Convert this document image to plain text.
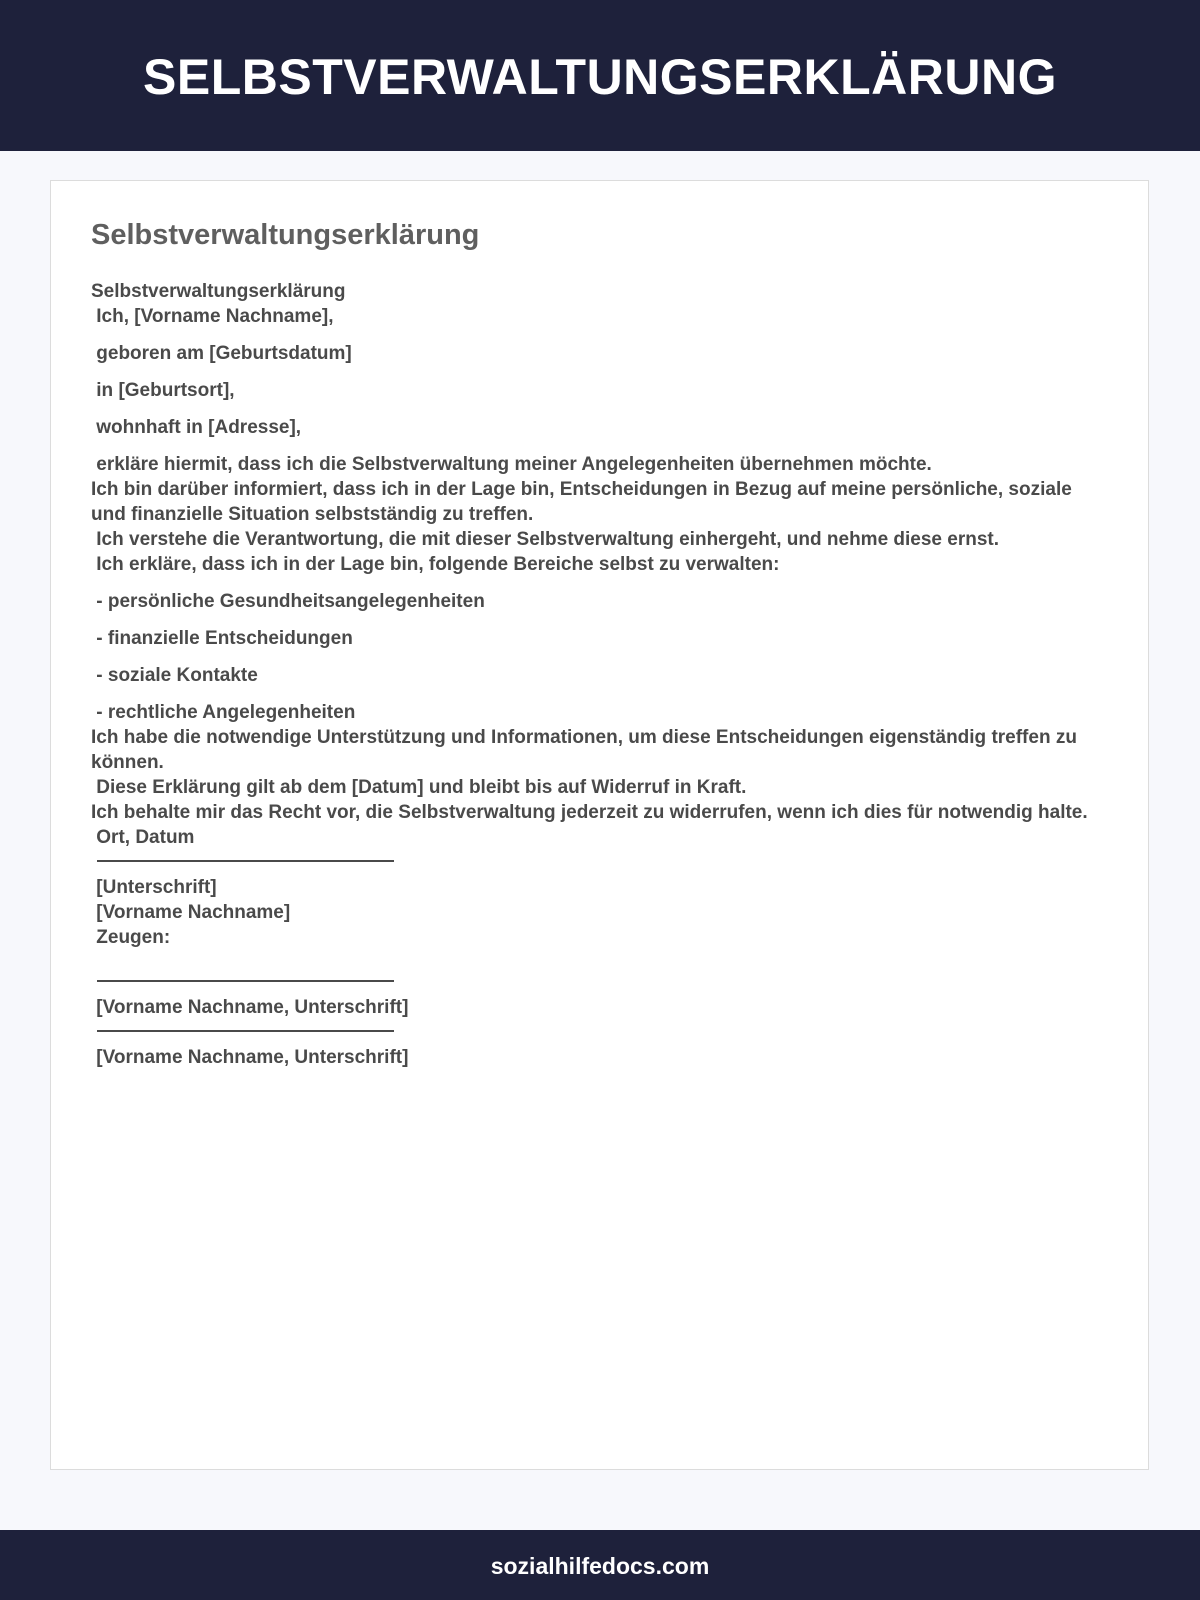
SELBSTVERWALTUNGSERKLÄRUNG
Selbstverwaltungserklärung
Selbstverwaltungserklärung
Ich, [Vorname Nachname],
geboren am [Geburtsdatum]
in [Geburtsort],
wohnhaft in [Adresse],
erkläre hiermit, dass ich die Selbstverwaltung meiner Angelegenheiten übernehmen möchte.
Ich bin darüber informiert, dass ich in der Lage bin, Entscheidungen in Bezug auf meine persönliche, soziale und finanzielle Situation selbstständig zu treffen.
Ich verstehe die Verantwortung, die mit dieser Selbstverwaltung einhergeht, und nehme diese ernst.
Ich erkläre, dass ich in der Lage bin, folgende Bereiche selbst zu verwalten:
- persönliche Gesundheitsangelegenheiten
- finanzielle Entscheidungen
- soziale Kontakte
- rechtliche Angelegenheiten
Ich habe die notwendige Unterstützung und Informationen, um diese Entscheidungen eigenständig treffen zu können.
Diese Erklärung gilt ab dem [Datum] und bleibt bis auf Widerruf in Kraft.
Ich behalte mir das Recht vor, die Selbstverwaltung jederzeit zu widerrufen, wenn ich dies für notwendig halte.
Ort, Datum
[Unterschrift]
[Vorname Nachname]
Zeugen:
[Vorname Nachname, Unterschrift]
[Vorname Nachname, Unterschrift]
sozialhilfedocs.com
